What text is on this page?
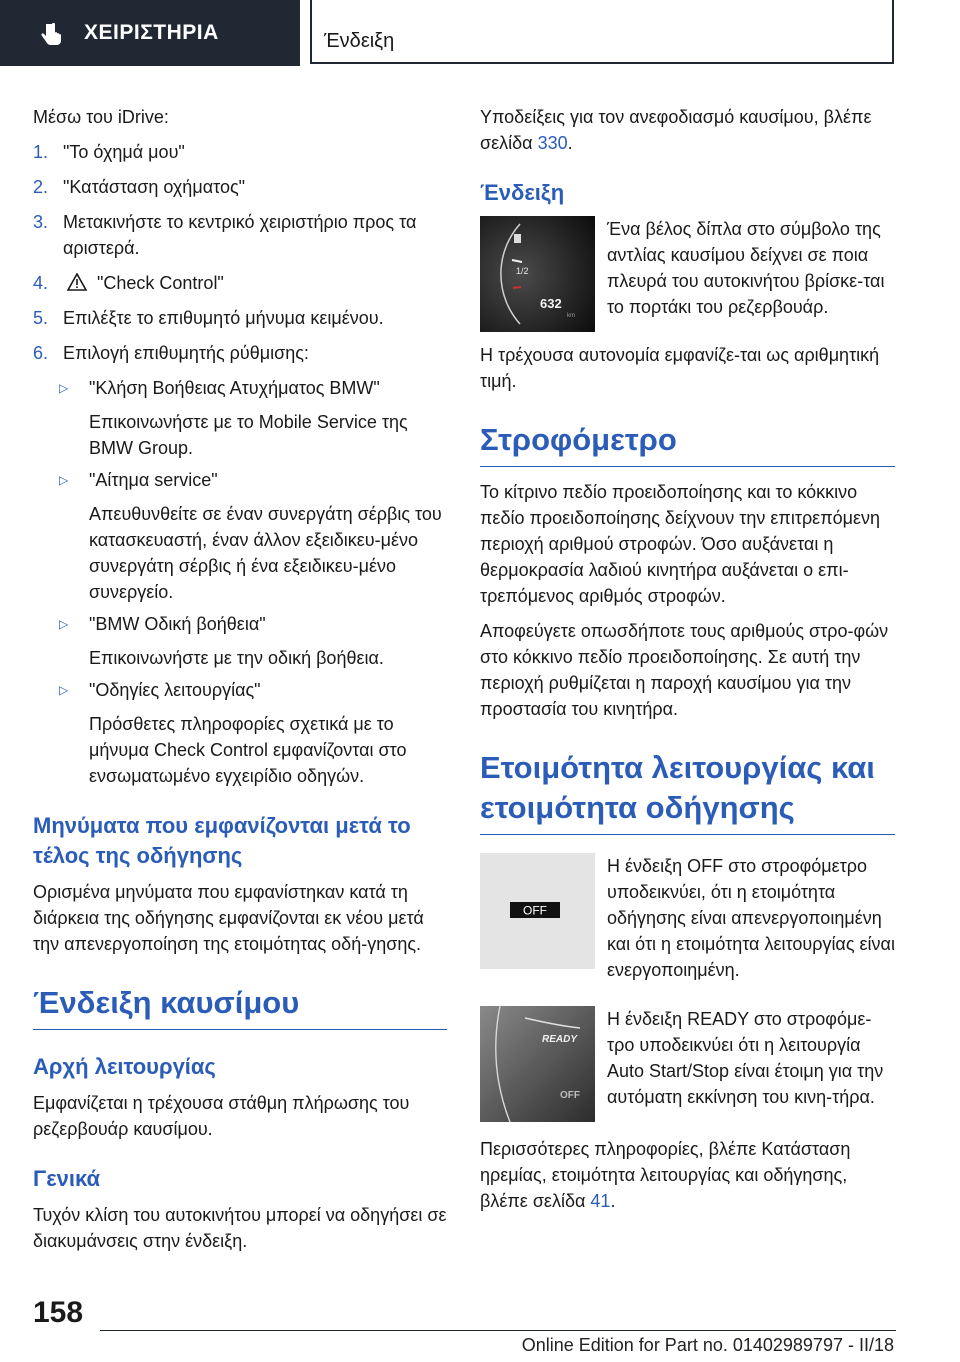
ΧΕΙΡΙΣΤΗΡΙΑ	Ένδειξη

Μέσω του iDrive:

1. "Το όχημά μου"
2. "Κατάσταση οχήματος"
3. Μετακινήστε το κεντρικό χειριστήριο προς τα αριστερά.
4.	"Check Control"
5. Επιλέξτε το επιθυμητό μήνυμα κειμένου.
6. Επιλογή επιθυμητής ρύθμισης:
▷	"Κλήση Βοήθειας Ατυχήματος BMW"
Επικοινωνήστε με το Mobile Service της BMW Group.
▷	"Αίτημα service"
Απευθυνθείτε σε έναν συνεργάτη σέρβις του κατασκευαστή, έναν άλλον εξειδικευ-μένο συνεργάτη σέρβις ή ένα εξειδικευ-μένο συνεργείο.
▷	"BMW Οδική βοήθεια"
Επικοινωνήστε με την οδική βοήθεια.
▷	"Οδηγίες λειτουργίας"
Πρόσθετες πληροφορίες σχετικά με το μήνυμα Check Control εμφανίζονται στο ενσωματωμένο εγχειρίδιο οδηγών.
Μηνύματα που εμφανίζονται μετά το τέλος της οδήγησης

Ορισμένα μηνύματα που εμφανίστηκαν κατά τη διάρκεια της οδήγησης εμφανίζονται εκ νέου μετά την απενεργοποίηση της ετοιμότητας οδή-γησης.

Ένδειξη καυσίμου
Αρχή λειτουργίας

Εμφανίζεται η τρέχουσα στάθμη πλήρωσης του ρεζερβουάρ καυσίμου.

Γενικά

Τυχόν κλίση του αυτοκινήτου μπορεί να οδηγήσει σε διακυμάνσεις στην ένδειξη.

Υποδείξεις για τον ανεφοδιασμό καυσίμου, βλέπε σελίδα 330.

Ένδειξη
1/2
632
km

Ένα βέλος δίπλα στο σύμβολο της αντλίας καυσίμου δείχνει σε ποια πλευρά του αυτοκινήτου βρίσκε-ται το πορτάκι του ρεζερβουάρ.

Η τρέχουσα αυτονομία εμφανίζε-ται ως αριθμητική τιμή.

Στροφόμετρο

Το κίτρινο πεδίο προειδοποίησης και το κόκκινο πεδίο προειδοποίησης δείχνουν την επιτρεπόμενη περιοχή αριθμού στροφών. Όσο αυξάνεται η θερμοκρασία λαδιού κινητήρα αυξάνεται ο επι-τρεπόμενος αριθμός στροφών.

Αποφεύγετε οπωσδήποτε τους αριθμούς στρο-φών στο κόκκινο πεδίο προειδοποίησης. Σε αυτή την περιοχή ρυθμίζεται η παροχή καυσίμου για την προστασία του κινητήρα.

Ετοιμότητα λειτουργίας και ετοιμότητα οδήγησης
OFF

Η ένδειξη OFF στο στροφόμετρο υποδεικνύει, ότι η ετοιμότητα οδήγησης είναι απενεργοποιημένη και ότι η ετοιμότητα λειτουργίας είναι ενεργοποιημένη.

READY
OFF

Η ένδειξη READY στο στροφόμε-τρο υποδεικνύει ότι η λειτουργία Auto Start/Stop είναι έτοιμη για την αυτόματη εκκίνηση του κινη-τήρα.

Περισσότερες πληροφορίες, βλέπε Κατάσταση ηρεμίας, ετοιμότητα λειτουργίας και οδήγησης, βλέπε σελίδα 41.

158
Online Edition for Part no. 01402989797 - II/18
